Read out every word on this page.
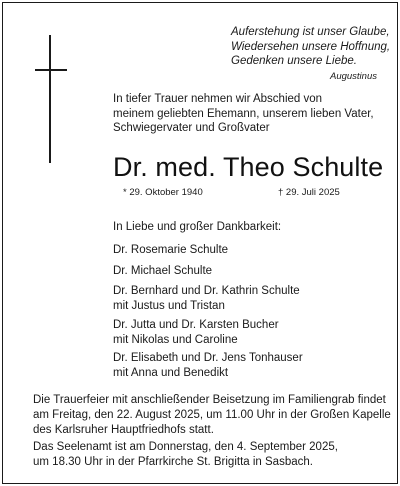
Auferstehung ist unser Glaube,
Wiedersehen unsere Hoffnung,
Gedenken unsere Liebe.
Augustinus
In tiefer Trauer nehmen wir Abschied von
meinem geliebten Ehemann, unserem lieben Vater,
Schwiegervater und Großvater
Dr. med. Theo Schulte
* 29. Oktober 1940	† 29. Juli 2025
In Liebe und großer Dankbarkeit:
Dr. Rosemarie Schulte
Dr. Michael Schulte
Dr. Bernhard und Dr. Kathrin Schulte
mit Justus und Tristan
Dr. Jutta und Dr. Karsten Bucher
mit Nikolas und Caroline
Dr. Elisabeth und Dr. Jens Tonhauser
mit Anna und Benedikt
Die Trauerfeier mit anschließender Beisetzung im Familiengrab findet
am Freitag, den 22. August 2025, um 11.00 Uhr in der Großen Kapelle
des Karlsruher Hauptfriedhofs statt.
Das Seelenamt ist am Donnerstag, den 4. September 2025,
um 18.30 Uhr in der Pfarrkirche St. Brigitta in Sasbach.
